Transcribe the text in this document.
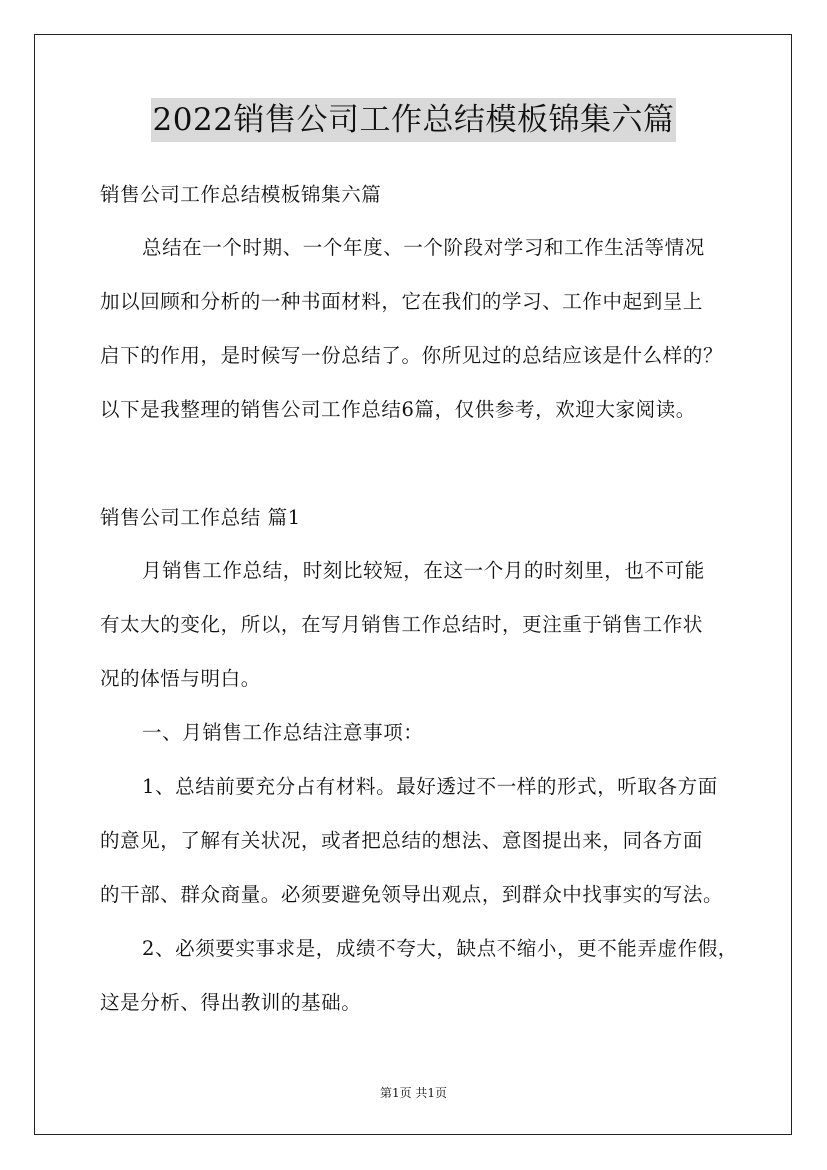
2022销售公司工作总结模板锦集六篇
销售公司工作总结模板锦集六篇
总结在一个时期、一个年度、一个阶段对学习和工作生活等情况
加以回顾和分析的一种书面材料，它在我们的学习、工作中起到呈上
启下的作用，是时候写一份总结了。你所见过的总结应该是什么样的？
以下是我整理的销售公司工作总结6篇，仅供参考，欢迎大家阅读。
销售公司工作总结 篇1
月销售工作总结，时刻比较短，在这一个月的时刻里，也不可能
有太大的变化，所以，在写月销售工作总结时，更注重于销售工作状
况的体悟与明白。
一、月销售工作总结注意事项：
1、总结前要充分占有材料。最好透过不一样的形式，听取各方面
的意见，了解有关状况，或者把总结的想法、意图提出来，同各方面
的干部、群众商量。必须要避免领导出观点，到群众中找事实的写法。
2、必须要实事求是，成绩不夸大，缺点不缩小，更不能弄虚作假，
这是分析、得出教训的基础。
第1页 共1页
